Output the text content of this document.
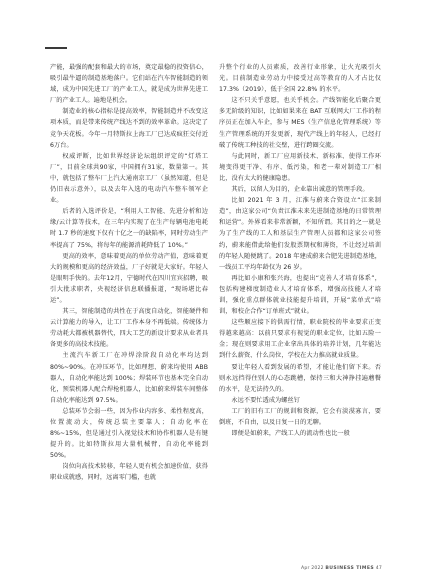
产能，最强的配套和最大的市场，奠定最稳的投资信心，吸引最牛逼的制造基地落户。它们站在汽车智能制造的领域，成为中国先进工厂的产业工人，就是成为世界先进工厂的产业工人。遍地是机会。

制造业的核心指标是提高效率，智能制造并不改变这项本质，而是带来传统产线达不到的效率革命。这决定了竞争天花板。今年一月特斯拉上海工厂已达成疯狂交付近6万台。

权威评断，比如世界经济论坛组织评定的“灯塔工厂”，目前全球共90家，中国拥有31家，数量第一。其中，就包括了整车厂上汽大通南京工厂（虽然知道，但是仍旧表示意外），以及去年入选的电动汽车整车领军企业。

后者的入选评价是，“利用人工智能、先进分析和边缘/云计算等技术，在三年内实现了在生产每辆电池电耗时 1.7 秒的速度下仅有十亿之一的缺陷率，同时劳动生产率提高了 75%，将每年的能源消耗降低了 10%。”

更高的效率，意味着更高的单位劳动产值，意味着更大的规模和更高的经济效益，厂子好就是大家好。年轻人是眼明手快的。去年12月，宁德时代在四川宜宾招聘，吸引大批求职者，央视经济信息联播报道，“现场堪比春运”。

其三，智能制造的共性在于高度自动化，智能硬件和云计算能力的导入，让工厂工作本身不再低端。传统体力劳动耗大都被机器替代，四大工艺的新设计要求从业者具备更多的高技术技能。

主流汽车新工厂在冲焊涂阶段自动化率均达到 80%~90%。在冲压环节，比如理想、蔚来均使用 ABB 器人，自动化率能达到 100%；焊装环节也基本完全自动化，预装机器人配合焊枪机器人，比如蔚来焊装车间整体自动化率能达到 97.5%。

总装环节会弱一些，因为作业内容多、柔性程度高，位置流动大，传统总装主要靠人；自动化率在 8%~15%，但是通过引入视觉技术和协作机器人是有键提升的。比如特斯拉用大量机械臂，自动化率能到 50%。

岗位向高技术转移，年轻人更有机会加速价值，获得职业成就感，同时，远离零门槛，也就

升整个行业的人员素质，改善行业形象，让火光吸引火光。目前制造业劳动力中接受过高等教育的人才占比仅 17.3%（2019），低于全国 22.8% 的水平。

这不只关乎意愿，也关乎机会。产线智能化后聚合更多无阶级的知识，比如如果来在 BAT 互联网大厂工作的程序员正在加入车企，参与 MES（生产信息化管理系统）等生产管理系统的开发更新，现代产线上的年轻人，已经打破了传统工种技的社交壁，进行跨圈交流。

与此同时，新工厂应用新技术、新标准、使得工作环境变得更干净、有序、低污染，和老一辈对制造工厂相比，没有太大的健康隐患。

其后，以留人为目的，企业靠出诚意的管理手段。

比如 2021 年 3 月，江淮与蔚来合资设立“江来制造”，由这家公司“负责江淮未来先进制造基地的日常管理和运营”。外界看来非常新颖，不知所谓。其目的之一就是为了生产线的工人和基层生产管理人员都和这家公司签约，蔚来能借此给他们发股票期权和薄资，不让经过培训的年轻人随便跳了。2018 年建成蔚来合肥先进制造基地，一线员工平均年龄仅为 26 岁。

再比如小康和张兴海，也提出“克善人才培育体系”，包括构建梯度制造业人才培育体系，增强高技能人才培训，强化重点群体就业技能提升培训，开展“菜单式”培训，和校企合作“订单班式”就业。

这些顺应接下的供需行情，职业院校的毕业要求正变得越来越高：以前只要求有视觉的职业定位，比如五险一金；现在则要求用工企业拿出具体的培养计划，几年能达到什么薪资、什么岗位，学校在大力推高就业质量。

要让年轻人看到发展的希望，才能让他们留下来。否则永远挡得住别人的心态跳槽，保持三和大神挣挂遍蘑餐的水平，是无法持久的。

永远不要忙透成为螺丝钉

工厂的旧有工厂的规训和资源，它会有淡漠寡言，要倒班，不自由，以及日复一日的无聊。

即便是如蔚来，产线工人的流动性也比一般

Apr 2022 BUSINESS TIMES 47
